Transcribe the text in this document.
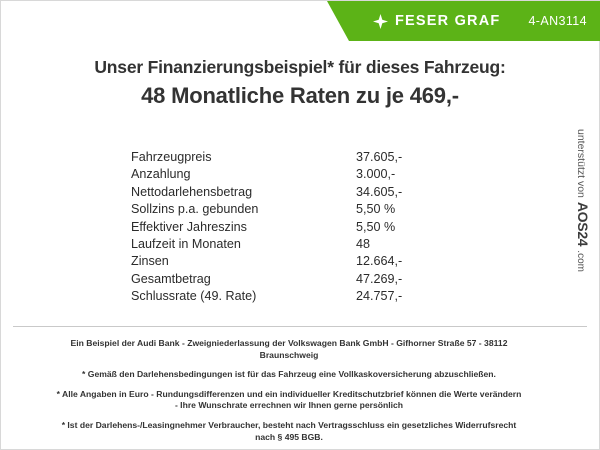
FESER GRAF 4-AN3114
Unser Finanzierungsbeispiel* für dieses Fahrzeug:
48 Monatliche Raten zu je 469,-
Fahrzeugpreis	37.605,-
Anzahlung	3.000,-
Nettodarlehensbetrag	34.605,-
Sollzins p.a. gebunden	5,50 %
Effektiver Jahreszins	5,50 %
Laufzeit in Monaten	48
Zinsen	12.664,-
Gesamtbetrag	47.269,-
Schlussrate (49. Rate)	24.757,-
Ein Beispiel der Audi Bank - Zweigniederlassung der Volkswagen Bank GmbH - Gifhorner Straße 57 - 38112
Braunschweig
* Gemäß den Darlehensbedingungen ist für das Fahrzeug eine Vollkaskoversicherung abzuschließen.
* Alle Angaben in Euro - Rundungsdifferenzen und ein individueller Kreditschutzbrief können die Werte verändern
- Ihre Wunschrate errechnen wir Ihnen gerne persönlich
* Ist der Darlehens-/Leasingnehmer Verbraucher, besteht nach Vertragsschluss ein gesetzliches Widerrufsrecht
nach § 495 BGB.
unterstützt von
AOS24
.com
